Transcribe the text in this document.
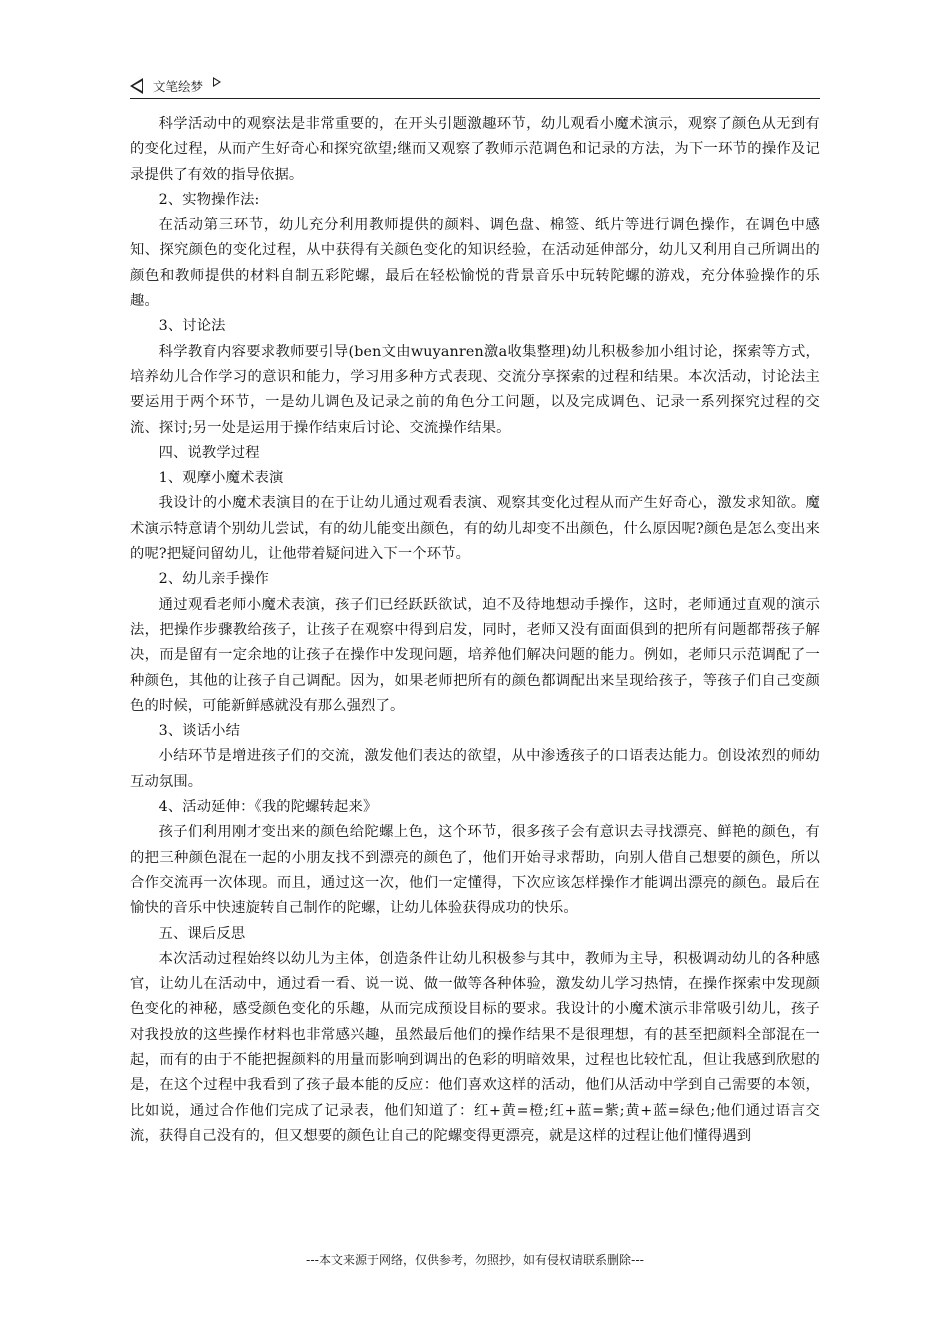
文笔绘梦

科学活动中的观察法是非常重要的，在开头引题激趣环节，幼儿观看小魔术演示，观察了颜色从无到有的变化过程，从而产生好奇心和探究欲望;继而又观察了教师示范调色和记录的方法，为下一环节的操作及记录提供了有效的指导依据。

2、实物操作法:

在活动第三环节，幼儿充分利用教师提供的颜料、调色盘、棉签、纸片等进行调色操作，在调色中感知、探究颜色的变化过程，从中获得有关颜色变化的知识经验，在活动延伸部分，幼儿又利用自己所调出的颜色和教师提供的材料自制五彩陀螺，最后在轻松愉悦的背景音乐中玩转陀螺的游戏，充分体验操作的乐趣。

3、讨论法

科学教育内容要求教师要引导(ben文由wuyanren激a收集整理)幼儿积极参加小组讨论，探索等方式，培养幼儿合作学习的意识和能力，学习用多种方式表现、交流分享探索的过程和结果。本次活动，讨论法主要运用于两个环节，一是幼儿调色及记录之前的角色分工问题，以及完成调色、记录一系列探究过程的交流、探讨;另一处是运用于操作结束后讨论、交流操作结果。

四、说教学过程

1、观摩小魔术表演

我设计的小魔术表演目的在于让幼儿通过观看表演、观察其变化过程从而产生好奇心，激发求知欲。魔术演示特意请个别幼儿尝试，有的幼儿能变出颜色，有的幼儿却变不出颜色，什么原因呢?颜色是怎么变出来的呢?把疑问留幼儿，让他带着疑问进入下一个环节。

2、幼儿亲手操作

通过观看老师小魔术表演，孩子们已经跃跃欲试，迫不及待地想动手操作，这时，老师通过直观的演示法，把操作步骤教给孩子，让孩子在观察中得到启发，同时，老师又没有面面俱到的把所有问题都帮孩子解决，而是留有一定余地的让孩子在操作中发现问题，培养他们解决问题的能力。例如，老师只示范调配了一种颜色，其他的让孩子自己调配。因为，如果老师把所有的颜色都调配出来呈现给孩子，等孩子们自己变颜色的时候，可能新鲜感就没有那么强烈了。

3、谈话小结

小结环节是增进孩子们的交流，激发他们表达的欲望，从中渗透孩子的口语表达能力。创设浓烈的师幼互动氛围。

4、活动延伸：《我的陀螺转起来》

孩子们利用刚才变出来的颜色给陀螺上色，这个环节，很多孩子会有意识去寻找漂亮、鲜艳的颜色，有的把三种颜色混在一起的小朋友找不到漂亮的颜色了，他们开始寻求帮助，向别人借自己想要的颜色，所以合作交流再一次体现。而且，通过这一次，他们一定懂得，下次应该怎样操作才能调出漂亮的颜色。最后在愉快的音乐中快速旋转自己制作的陀螺，让幼儿体验获得成功的快乐。

五、课后反思

本次活动过程始终以幼儿为主体，创造条件让幼儿积极参与其中，教师为主导，积极调动幼儿的各种感官，让幼儿在活动中，通过看一看、说一说、做一做等各种体验，激发幼儿学习热情，在操作探索中发现颜色变化的神秘，感受颜色变化的乐趣，从而完成预设目标的要求。我设计的小魔术演示非常吸引幼儿，孩子对我投放的这些操作材料也非常感兴趣，虽然最后他们的操作结果不是很理想，有的甚至把颜料全部混在一起，而有的由于不能把握颜料的用量而影响到调出的色彩的明暗效果，过程也比较忙乱，但让我感到欣慰的是，在这个过程中我看到了孩子最本能的反应：他们喜欢这样的活动，他们从活动中学到自己需要的本领，比如说，通过合作他们完成了记录表，他们知道了：红+黄=橙;红+蓝=紫;黄+蓝=绿色;他们通过语言交流，获得自己没有的，但又想要的颜色让自己的陀螺变得更漂亮，就是这样的过程让他们懂得遇到

---本文来源于网络，仅供参考，勿照抄，如有侵权请联系删除---
